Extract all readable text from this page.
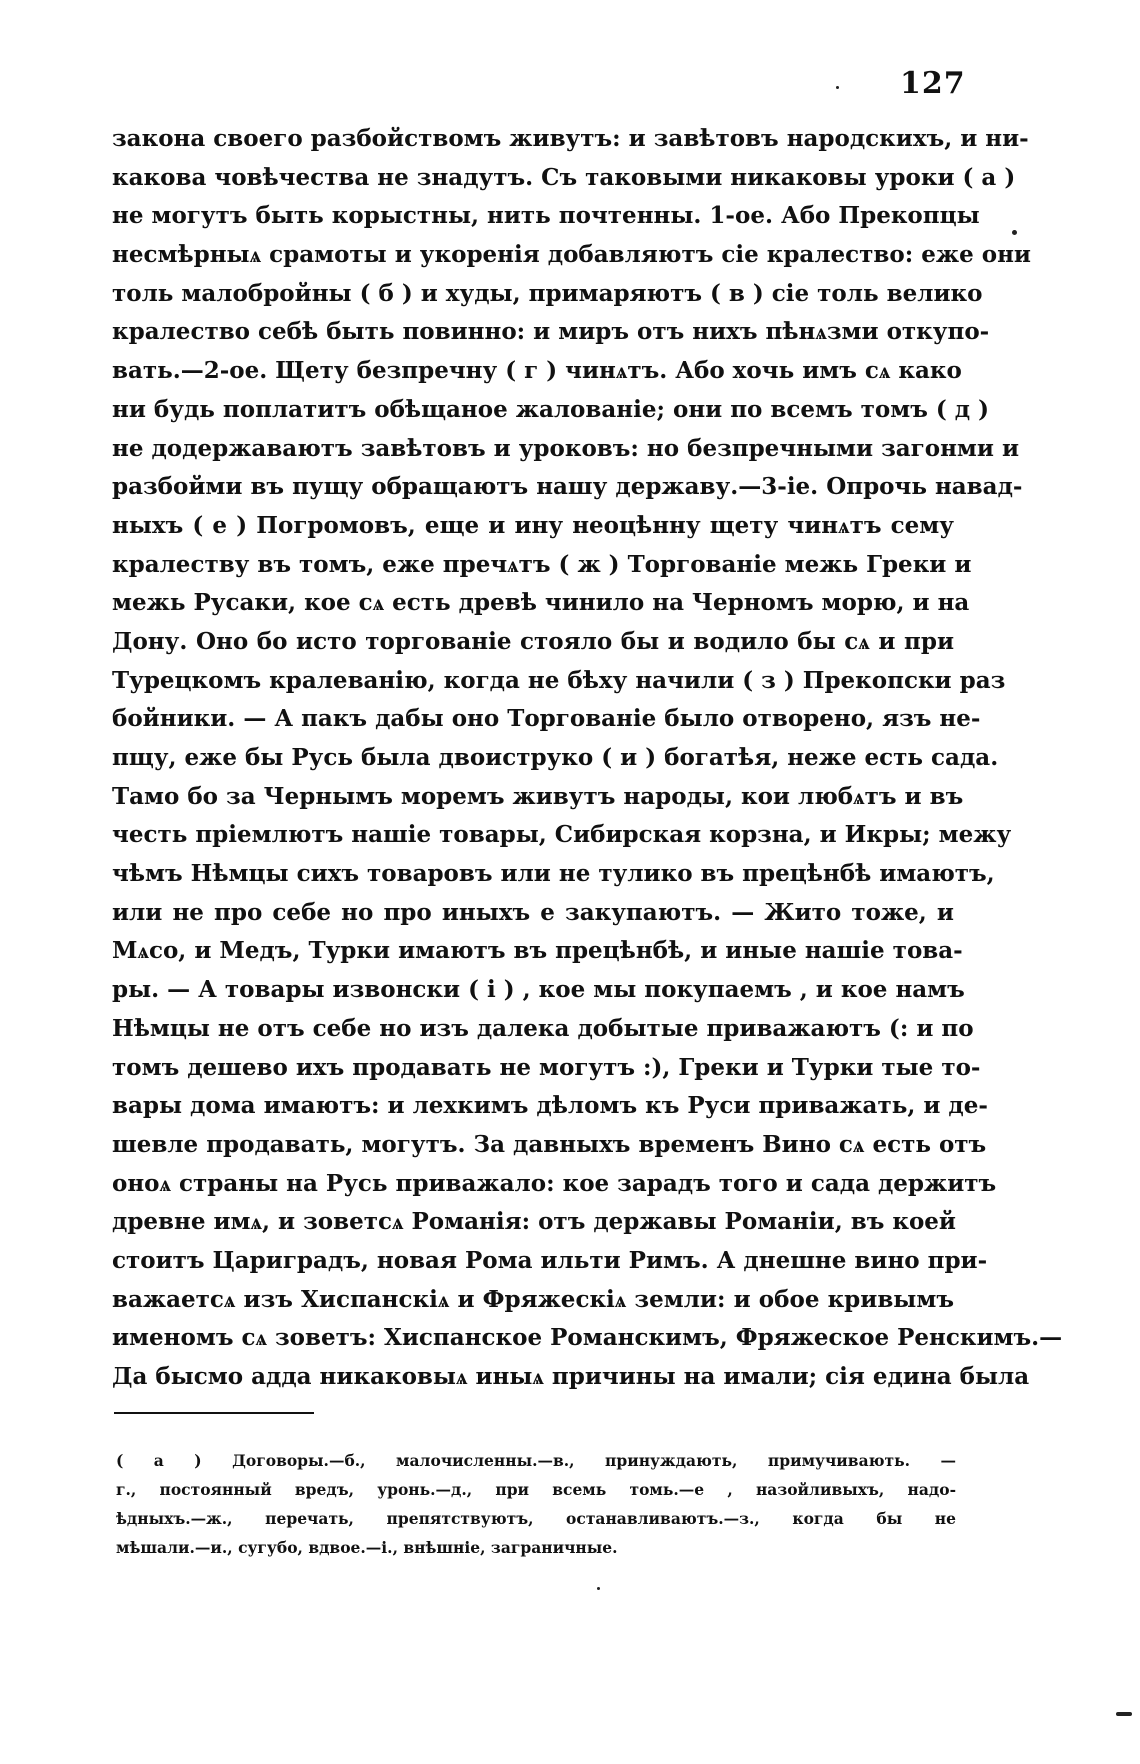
127
закона своего разбойствомъ живутъ: и завѣтовъ народскихъ, и ни-
какова човѣчества не знадутъ. Съ таковыми никаковы уроки ( а )
не могутъ быть корыстны, нить почтенны. 1-ое. Або Прекопцы
несмѣрныѧ срамоты и укоренія добавляютъ сіе кралество: еже они
толь малобройны ( б ) и худы, примаряютъ ( в ) сіе толь велико
кралество себѣ быть повинно: и миръ отъ нихъ пѣнѧзми откупо-
вать.—2-ое. Щету безпречну ( г ) чинѧтъ. Або хочь имъ сѧ како
ни будь поплатитъ обѣщаное жалованіе; они по всемъ томъ ( д )
не додержаваютъ завѣтовъ и уроковъ: но безпречными загонми и
разбойми въ пущу обращаютъ нашу державу.—3-іе. Опрочь навад-
ныхъ ( е ) Погромовъ, еще и ину неоцѣнну щету чинѧтъ сему
кралеству въ томъ, еже пречѧтъ ( ж ) Торгованіе межь Греки и
межь Русаки, кое сѧ есть древѣ чинило на Черномъ морю, и на
Дону. Оно бо исто торгованіе стояло бы и водило бы сѧ и при
Турецкомъ кралеванію, когда не бѣху начили ( з ) Прекопски раз
бойники. — А пакъ дабы оно Торгованіе было отворено, язъ не-
пщу, еже бы Русь была двоиструко ( и ) богатѣя, неже есть сада.
Тамо бо за Чернымъ моремъ живутъ народы, кои любѧтъ и въ
честь пріемлютъ нашіе товары, Сибирская корзна, и Икры; межу
чѣмъ Нѣмцы сихъ товаровъ или не тулико въ прецѣнбѣ имаютъ,
или не про себе но про иныхъ е закупаютъ. — Жито тоже, и
Мѧсо, и Медъ, Турки имаютъ въ прецѣнбѣ, и иные нашіе това-
ры. — А товары извонски ( і ) , кое мы покупаемъ , и кое намъ
Нѣмцы не отъ себе но изъ далека добытые приважаютъ (: и по
томъ дешево ихъ продавать не могутъ :), Греки и Турки тые то-
вары дома имаютъ: и лехкимъ дѣломъ къ Руси приважать, и де-
шевле продавать, могутъ. За давныхъ временъ Вино сѧ есть отъ
оноѧ страны на Русь приважало: кое зарадъ того и сада держитъ
древне имѧ, и зоветсѧ Романія: отъ державы Романіи, въ коей
стоитъ Цариградъ, новая Рома ильти Римъ. А днешне вино при-
важаетсѧ изъ Хиспанскіѧ и Фряжескіѧ земли: и обое кривымъ
именомъ сѧ зоветъ: Хиспанское Романскимъ, Фряжеское Ренскимъ.—
Да бысмо адда никаковыѧ иныѧ причины на имали; сія едина была
( а ) Договоры.—б., малочисленны.—в., принуждають, примучивають. —
г., постоянный вредъ, уронь.—д., при всемь томь.—е , назойливыхъ, надо-
ѣдныхъ.—ж., перечать, препятствуютъ, останавливаютъ.—з., когда бы не
мѣшали.—и., сугубо, вдвое.—і., внѣшніе, заграничные.
